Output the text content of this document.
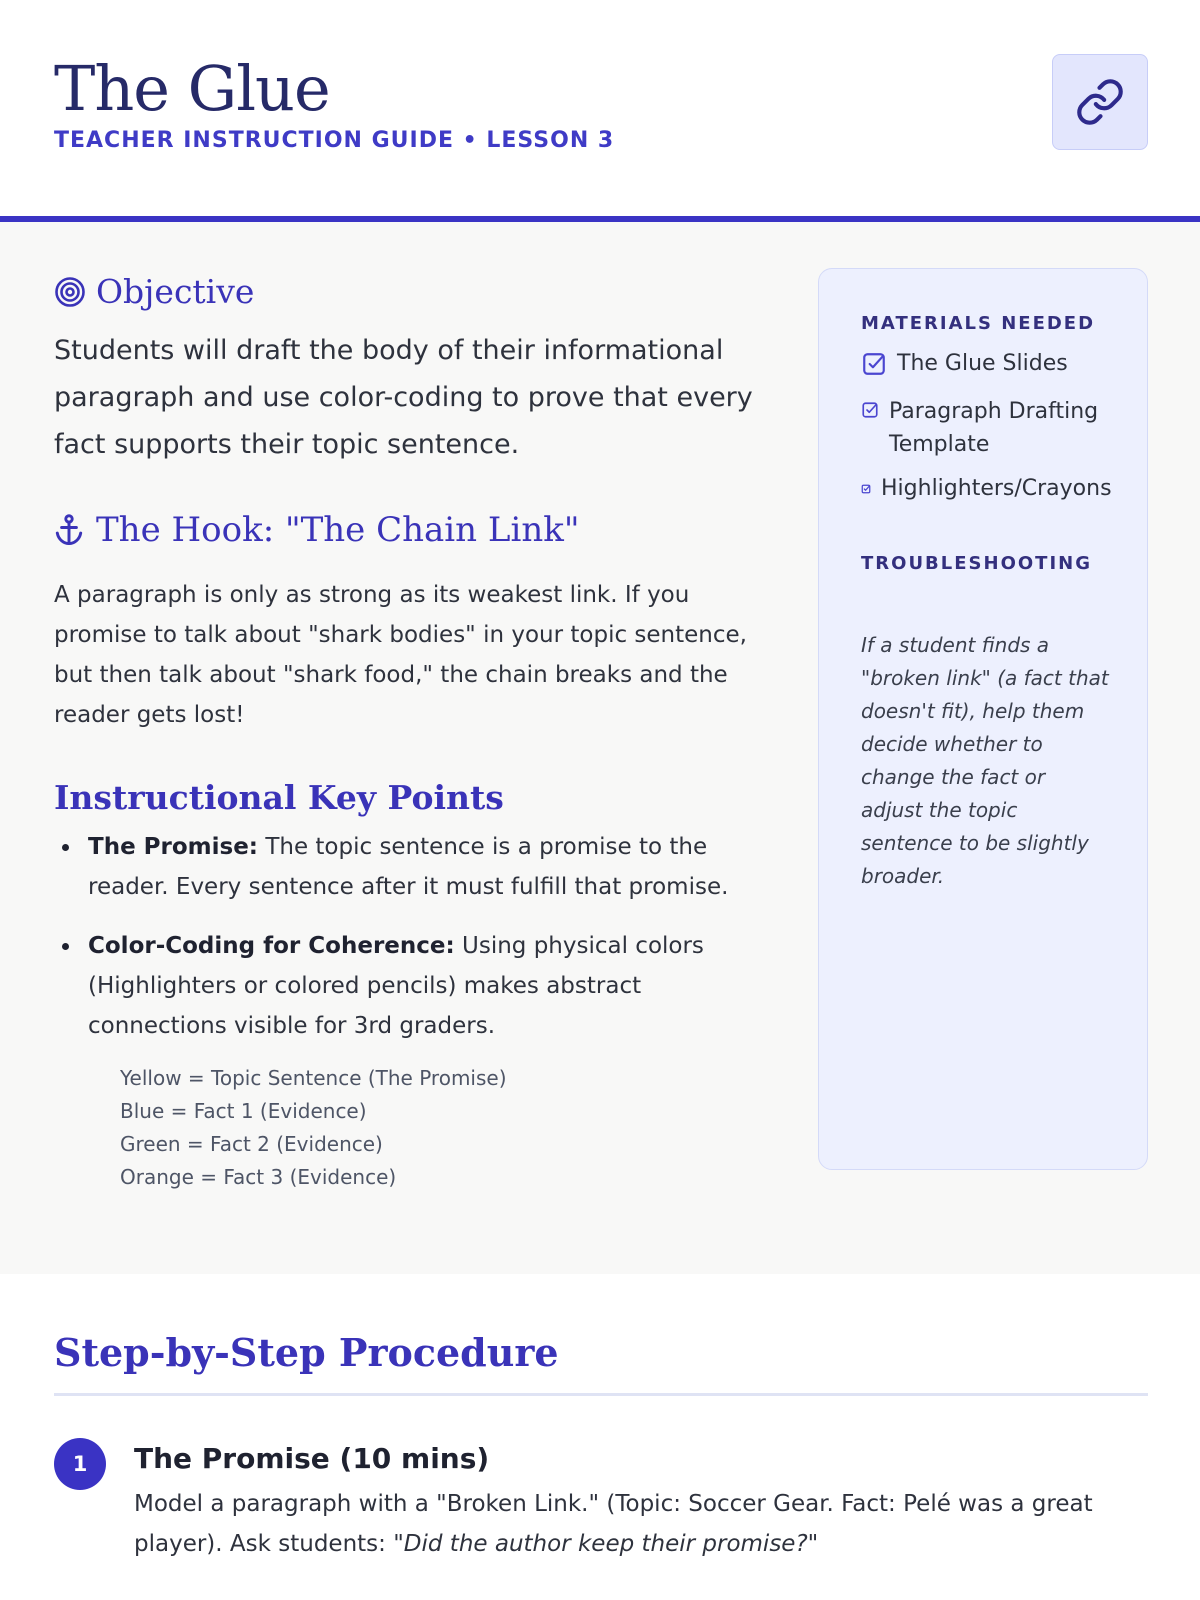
The Glue
TEACHER INSTRUCTION GUIDE • LESSON 3
Objective

Students will draft the body of their informational paragraph and use color-coding to prove that every fact supports their topic sentence.

The Hook: "The Chain Link"

A paragraph is only as strong as its weakest link. If you promise to talk about "shark bodies" in your topic sentence, but then talk about "shark food," the chain breaks and the reader gets lost!

Instructional Key Points
The Promise: The topic sentence is a promise to the reader. Every sentence after it must fulfill that promise.
Color-Coding for Coherence: Using physical colors (Highlighters or colored pencils) makes abstract connections visible for 3rd graders.
Yellow = Topic Sentence (The Promise)
Blue = Fact 1 (Evidence)
Green = Fact 2 (Evidence)
Orange = Fact 3 (Evidence)
MATERIALS NEEDED
The Glue Slides
Paragraph Drafting Template
Highlighters/Crayons
TROUBLESHOOTING

If a student finds a "broken link" (a fact that doesn't fit), help them decide whether to change the fact or adjust the topic sentence to be slightly broader.

Step-by-Step Procedure
1	The Promise (10 mins)

Model a paragraph with a "Broken Link." (Topic: Soccer Gear. Fact: Pelé was a great player). Ask students: "Did the author keep their promise?"
